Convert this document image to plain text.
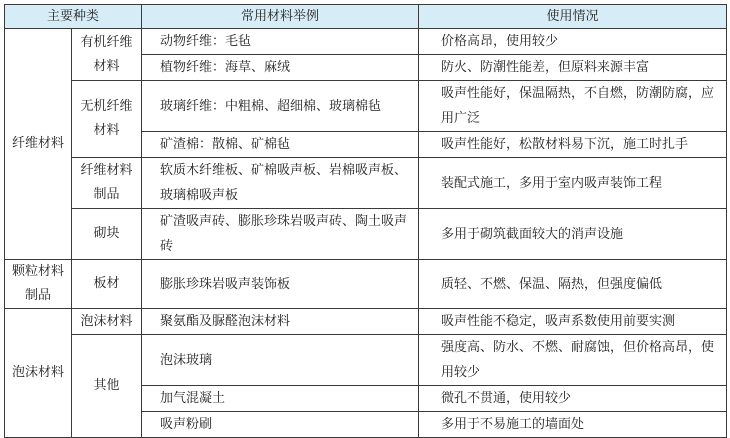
主要种类		常用材料举例	使用情况
纤维材料	有机纤维材料	动物纤维：毛毡	价格高昂，使用较少
		植物纤维：海草、麻绒	防火、防潮性能差，但原料来源丰富
	无机纤维材料	玻璃纤维：中粗棉、超细棉、玻璃棉毡	吸声性能好，保温隔热，不自燃，防潮防腐，应用广泛
		矿渣棉：散棉、矿棉毡	吸声性能好，松散材料易下沉，施工时扎手
	纤维材料制品	软质木纤维板、矿棉吸声板、岩棉吸声板、玻璃棉吸声板	装配式施工，多用于室内吸声装饰工程
	砌块	矿渣吸声砖、膨胀珍珠岩吸声砖、陶土吸声砖	多用于砌筑截面较大的消声设施
颗粒材料制品	板材	膨胀珍珠岩吸声装饰板	质轻、不燃、保温、隔热，但强度偏低
泡沫材料	泡沫材料	聚氨酯及脲醛泡沫材料	吸声性能不稳定，吸声系数使用前要实测
	其他	泡沫玻璃	强度高、防水、不燃、耐腐蚀，但价格高昂，使用较少
		加气混凝土	微孔不贯通，使用较少
		吸声粉刷	多用于不易施工的墙面处
